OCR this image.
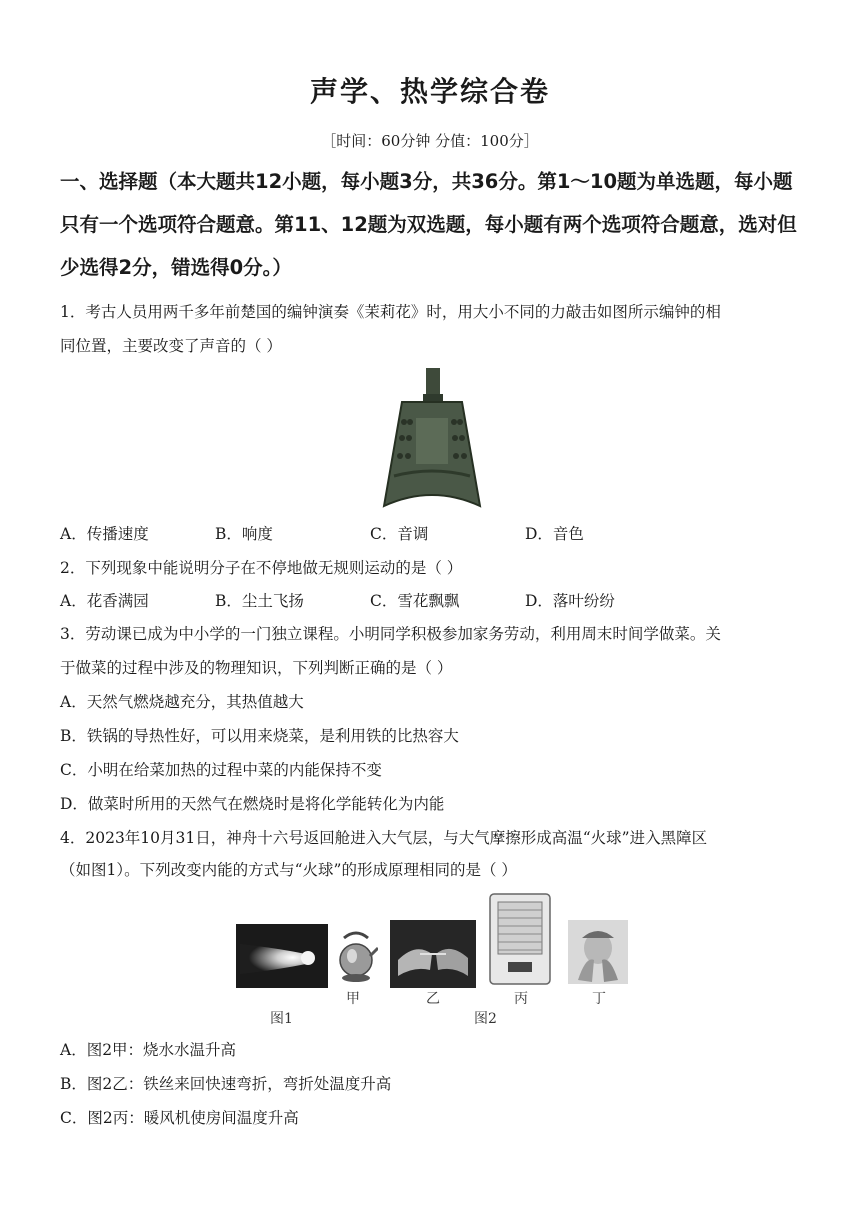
声学、热学综合卷
［时间：60分钟 分值：100分］
一、选择题（本大题共12小题，每小题3分，共36分。第1～10题为单选题，每小题只有一个选项符合题意。第11、12题为双选题，每小题有两个选项符合题意，选对但少选得2分，错选得0分。）
1．考古人员用两千多年前楚国的编钟演奏《茉莉花》时，用大小不同的力敲击如图所示编钟的相
同位置，主要改变了声音的（ ）
A．传播速度	B．响度	C．音调	D．音色
2．下列现象中能说明分子在不停地做无规则运动的是（ ）
A．花香满园	B．尘土飞扬	C．雪花飘飘	D．落叶纷纷
3．劳动课已成为中小学的一门独立课程。小明同学积极参加家务劳动，利用周末时间学做菜。关
于做菜的过程中涉及的物理知识，下列判断正确的是（ ）
A．天然气燃烧越充分，其热值越大
B．铁锅的导热性好，可以用来烧菜，是利用铁的比热容大
C．小明在给菜加热的过程中菜的内能保持不变
D．做菜时所用的天然气在燃烧时是将化学能转化为内能
4．2023年10月31日，神舟十六号返回舱进入大气层，与大气摩擦形成高温“火球”进入黑障区
（如图1）。下列改变内能的方式与“火球”的形成原理相同的是（ ）
甲	乙	丙	丁
图1	图2
A．图2甲：烧水水温升高
B．图2乙：铁丝来回快速弯折，弯折处温度升高
C．图2丙：暖风机使房间温度升高
